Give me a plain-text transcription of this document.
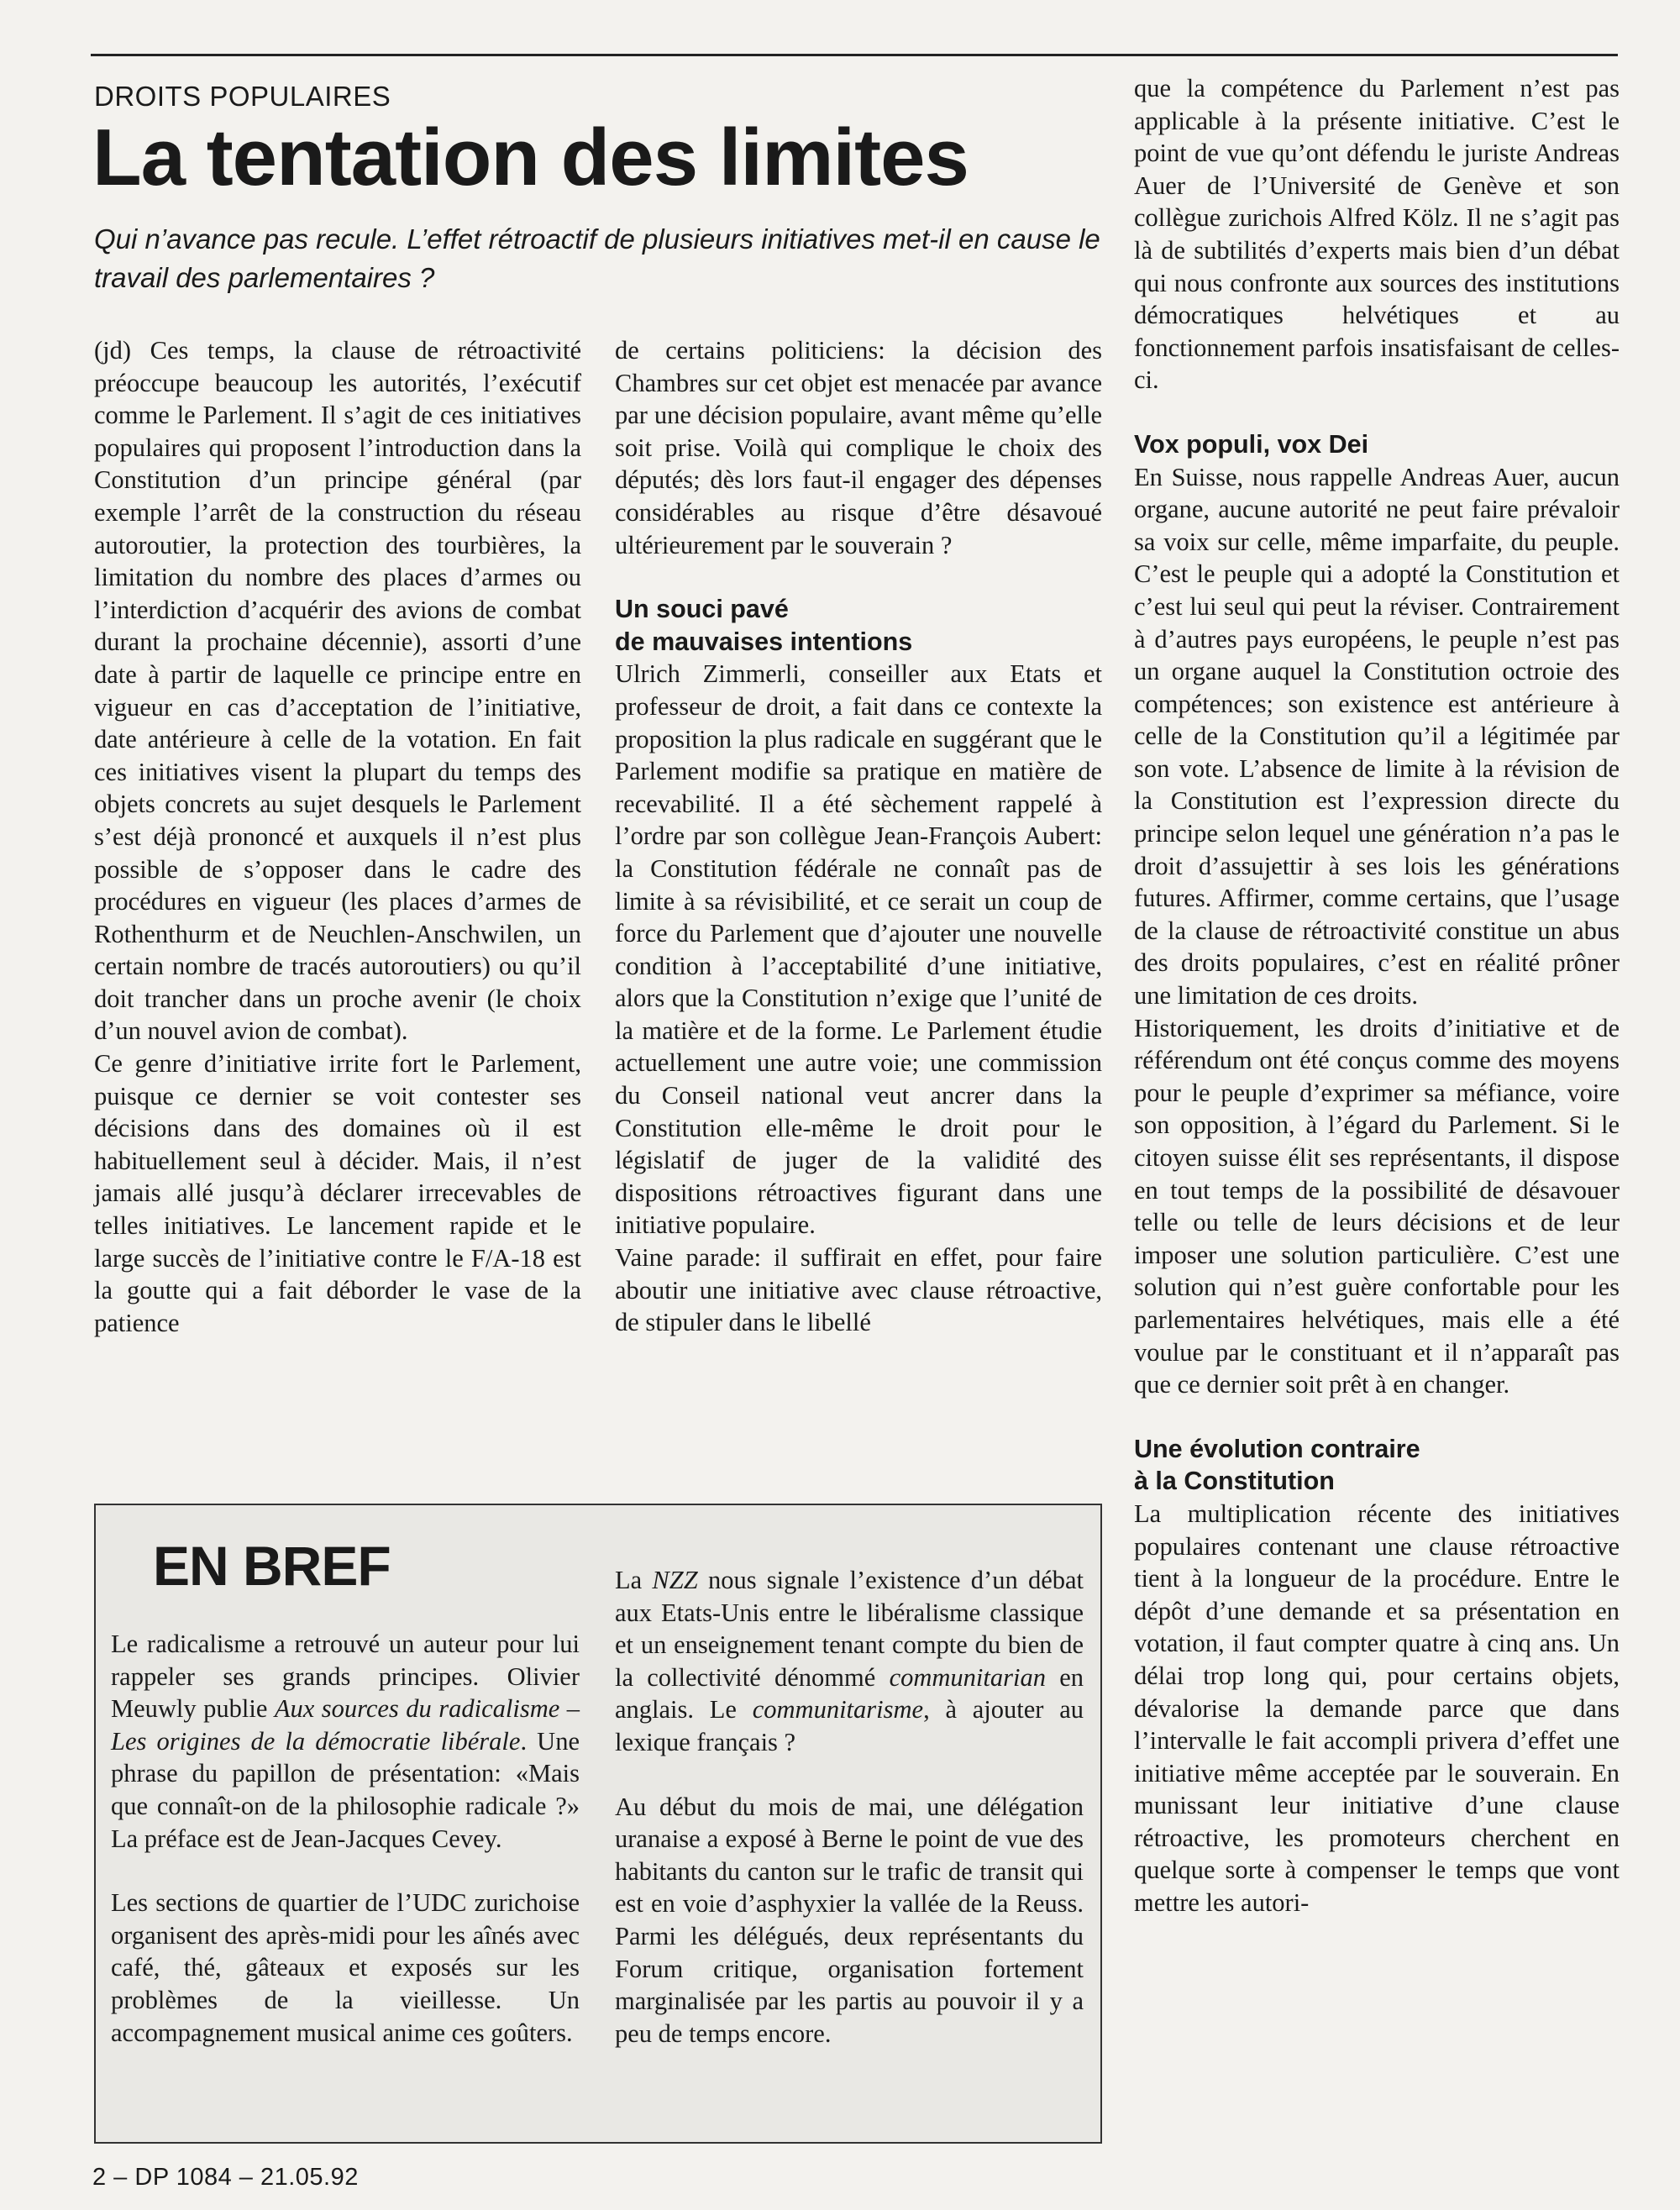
DROITS POPULAIRES
La tentation des limites
Qui n’avance pas recule. L’effet rétroactif de plusieurs initiatives met-il en cause le travail des parlementaires ?

(jd) Ces temps, la clause de rétroactivité préoccupe beaucoup les autorités, l’exécutif comme le Parlement. Il s’agit de ces initiatives populaires qui proposent l’introduction dans la Constitution d’un principe général (par exemple l’arrêt de la construction du réseau autoroutier, la protection des tourbières, la limitation du nombre des places d’armes ou l’interdiction d’acquérir des avions de combat durant la prochaine décennie), assorti d’une date à partir de laquelle ce principe entre en vigueur en cas d’acceptation de l’initiative, date antérieure à celle de la votation. En fait ces initiatives visent la plupart du temps des objets concrets au sujet desquels le Parlement s’est déjà prononcé et auxquels il n’est plus possible de s’opposer dans le cadre des procédures en vigueur (les places d’armes de Rothenthurm et de Neuchlen-Anschwilen, un certain nombre de tracés autoroutiers) ou qu’il doit trancher dans un proche avenir (le choix d’un nouvel avion de combat).

Ce genre d’initiative irrite fort le Parlement, puisque ce dernier se voit contester ses décisions dans des domaines où il est habituellement seul à décider. Mais, il n’est jamais allé jusqu’à déclarer irrecevables de telles initiatives. Le lancement rapide et le large succès de l’initiative contre le F/A-18 est la goutte qui a fait déborder le vase de la patience

de certains politiciens: la décision des Chambres sur cet objet est menacée par avance par une décision populaire, avant même qu’elle soit prise. Voilà qui complique le choix des députés; dès lors faut-il engager des dépenses considérables au risque d’être désavoué ultérieurement par le souverain ?

Un souci pavé
de mauvaises intentions

Ulrich Zimmerli, conseiller aux Etats et professeur de droit, a fait dans ce contexte la proposition la plus radicale en suggérant que le Parlement modifie sa pratique en matière de recevabilité. Il a été sèchement rappelé à l’ordre par son collègue Jean-François Aubert: la Constitution fédérale ne connaît pas de limite à sa révisibilité, et ce serait un coup de force du Parlement que d’ajouter une nouvelle condition à l’acceptabilité d’une initiative, alors que la Constitution n’exige que l’unité de la matière et de la forme. Le Parlement étudie actuellement une autre voie; une commission du Conseil national veut ancrer dans la Constitution elle-même le droit pour le législatif de juger de la validité des dispositions rétroactives figurant dans une initiative populaire.

Vaine parade: il suffirait en effet, pour faire aboutir une initiative avec clause rétroactive, de stipuler dans le libellé

que la compétence du Parlement n’est pas applicable à la présente initiative. C’est le point de vue qu’ont défendu le juriste Andreas Auer de l’Université de Genève et son collègue zurichois Alfred Kölz. Il ne s’agit pas là de subtilités d’experts mais bien d’un débat qui nous confronte aux sources des institutions démocratiques helvétiques et au fonctionnement parfois insatisfaisant de celles-ci.

Vox populi, vox Dei

En Suisse, nous rappelle Andreas Auer, aucun organe, aucune autorité ne peut faire prévaloir sa voix sur celle, même imparfaite, du peuple. C’est le peuple qui a adopté la Constitution et c’est lui seul qui peut la réviser. Contrairement à d’autres pays européens, le peuple n’est pas un organe auquel la Constitution octroie des compétences; son existence est antérieure à celle de la Constitution qu’il a légitimée par son vote. L’absence de limite à la révision de la Constitution est l’expression directe du principe selon lequel une génération n’a pas le droit d’assujettir à ses lois les générations futures. Affirmer, comme certains, que l’usage de la clause de rétroactivité constitue un abus des droits populaires, c’est en réalité prôner une limitation de ces droits.

Historiquement, les droits d’initiative et de référendum ont été conçus comme des moyens pour le peuple d’exprimer sa méfiance, voire son opposition, à l’égard du Parlement. Si le citoyen suisse élit ses représentants, il dispose en tout temps de la possibilité de désavouer telle ou telle de leurs décisions et de leur imposer une solution particulière. C’est une solution qui n’est guère confortable pour les parlementaires helvétiques, mais elle a été voulue par le constituant et il n’apparaît pas que ce dernier soit prêt à en changer.

Une évolution contraire
à la Constitution

La multiplication récente des initiatives populaires contenant une clause rétroactive tient à la longueur de la procédure. Entre le dépôt d’une demande et sa présentation en votation, il faut compter quatre à cinq ans. Un délai trop long qui, pour certains objets, dévalorise la demande parce que dans l’intervalle le fait accompli privera d’effet une initiative même acceptée par le souverain. En munissant leur initiative d’une clause rétroactive, les promoteurs cherchent en quelque sorte à compenser le temps que vont mettre les autori-

EN BREF

Le radicalisme a retrouvé un auteur pour lui rappeler ses grands principes. Olivier Meuwly publie Aux sources du radicalisme – Les origines de la démocratie libérale. Une phrase du papillon de présentation: «Mais que connaît-on de la philosophie radicale ?» La préface est de Jean-Jacques Cevey.

Les sections de quartier de l’UDC zurichoise organisent des après-midi pour les aînés avec café, thé, gâteaux et exposés sur les problèmes de la vieillesse. Un accompagnement musical anime ces goûters.

La NZZ nous signale l’existence d’un débat aux Etats-Unis entre le libéralisme classique et un enseignement tenant compte du bien de la collectivité dénommé communitarian en anglais. Le communitarisme, à ajouter au lexique français ?

Au début du mois de mai, une délégation uranaise a exposé à Berne le point de vue des habitants du canton sur le trafic de transit qui est en voie d’asphyxier la vallée de la Reuss. Parmi les délégués, deux représentants du Forum critique, organisation fortement marginalisée par les partis au pouvoir il y a peu de temps encore.

2 – DP 1084 – 21.05.92
